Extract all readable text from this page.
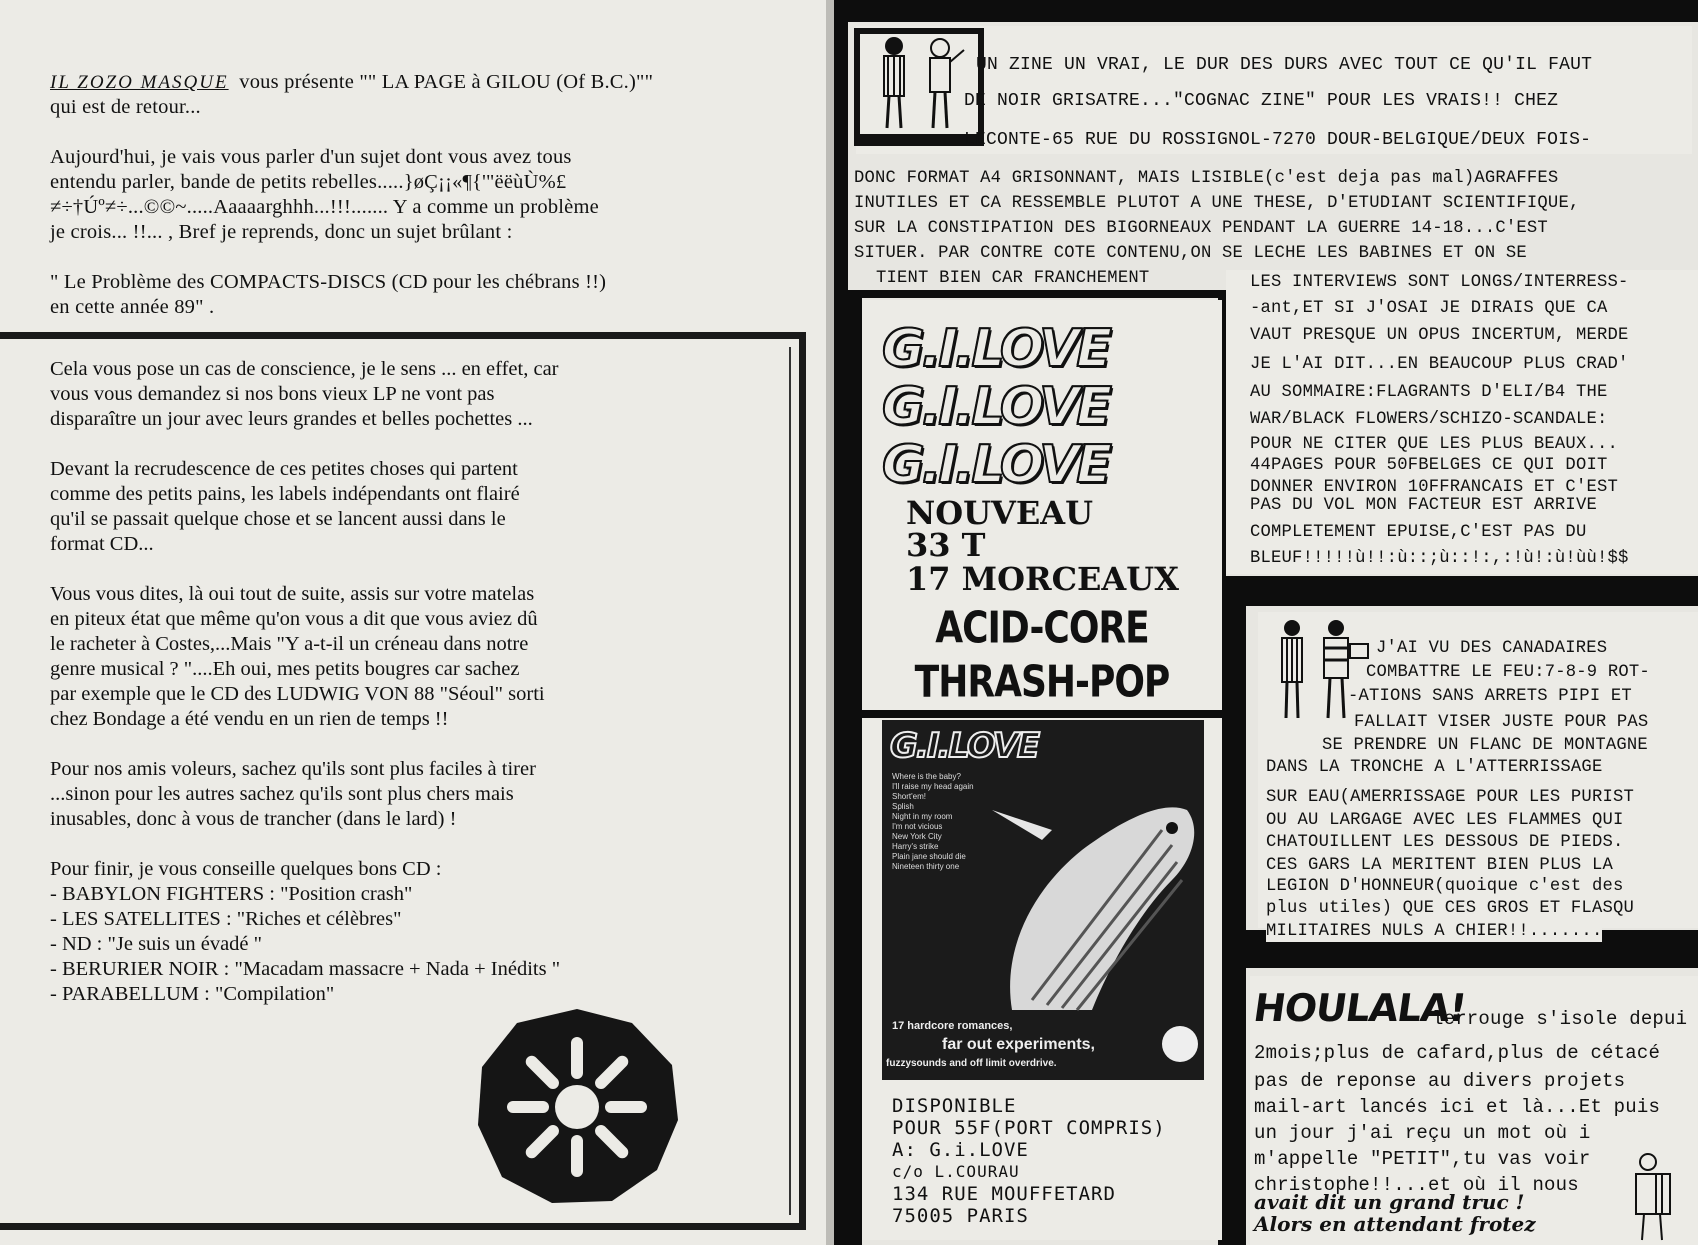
IL ZOZO MASQUE vous présente "" LA PAGE à GILOU (Of B.C.)""

qui est de retour...

Aujourd'hui, je vais vous parler d'un sujet dont vous avez tous

entendu parler, bande de petits rebelles.....}øÇ¡¡«¶{'"ëëùÙ%£

≠÷†Úº≠÷...©©~.....Aaaaarghhh...!!!....... Y a comme un problème

je crois... !!... , Bref je reprends, donc un sujet brûlant :

" Le Problème des COMPACTS-DISCS (CD pour les chébrans !!)

en cette année 89" .

Cela vous pose un cas de conscience, je le sens ... en effet, car
vous vous demandez si nos bons vieux LP ne vont pas
disparaître un jour avec leurs grandes et belles pochettes ...

Devant la recrudescence de ces petites choses qui partent
comme des petits pains, les labels indépendants ont flairé
qu'il se passait quelque chose et se lancent aussi dans le
format CD...

Vous vous dites, là oui tout de suite, assis sur votre matelas
en piteux état que même qu'on vous a dit que vous aviez dû
le racheter à Costes,...Mais "Y a-t-il un créneau dans notre
genre musical ? "....Eh oui, mes petits bougres car sachez
par exemple que le CD des LUDWIG VON 88 "Séoul" sorti
chez Bondage a été vendu en un rien de temps !!

Pour nos amis voleurs, sachez qu'ils sont plus faciles à tirer
...sinon pour les autres sachez qu'ils sont plus chers mais
inusables, donc à vous de trancher (dans le lard) !

Pour finir, je vous conseille quelques bons CD :
- BABYLON FIGHTERS : "Position crash"
- LES SATELLITES : "Riches et célèbres"
- ND : "Je suis un évadé "
- BERURIER NOIR : "Macadam massacre + Nada + Inédits "
- PARABELLUM : "Compilation"
UN ZINE UN VRAI, LE DUR DES DURS AVEC TOUT CE QU'IL FAUT
DE NOIR GRISATRE..."COGNAC ZINE" POUR LES VRAIS!! CHEZ
LECONTE-65 RUE DU ROSSIGNOL-7270 DOUR-BELGIQUE/DEUX FOIS-
DONC FORMAT A4 GRISONNANT, MAIS LISIBLE(c'est deja pas mal)AGRAFFES
INUTILES ET CA RESSEMBLE PLUTOT A UNE THESE, D'ETUDIANT SCIENTIFIQUE,
SUR LA CONSTIPATION DES BIGORNEAUX PENDANT LA GUERRE 14-18...C'EST
SITUER. PAR CONTRE COTE CONTENU,ON SE LECHE LES BABINES ET ON SE
TIENT BIEN CAR FRANCHEMENT	LES INTERVIEWS SONT LONGS/INTERRESS-
-ant,ET SI J'OSAI JE DIRAIS QUE CA
VAUT PRESQUE UN OPUS INCERTUM, MERDE
JE L'AI DIT...EN BEAUCOUP PLUS CRAD'
AU SOMMAIRE:FLAGRANTS D'ELI/B4 THE
WAR/BLACK FLOWERS/SCHIZO-SCANDALE:
POUR NE CITER QUE LES PLUS BEAUX...
44PAGES POUR 50FBELGES CE QUI DOIT
DONNER ENVIRON 10FFRANCAIS ET C'EST
PAS DU VOL MON FACTEUR EST ARRIVE
COMPLETEMENT EPUISE,C'EST PAS DU
BLEUF!!!!!ù!!:ù::;ù::!:,:!ù!:ù!ùù!$$
G.I.LOVE
G.I.LOVE
G.I.LOVE
NOUVEAU
33 T
17 MORCEAUX
ACID-CORE
THRASH-POP
G.I.LOVE
Where is the baby?
I'll raise my head again
Short'em!
Splish
Night in my room
I'm not vicious
New York City
Harry's strike
Plain jane should die
Nineteen thirty one
17 hardcore romances,
far out experiments,
fuzzysounds and off limit overdrive.
DISPONIBLE
POUR 55F(PORT COMPRIS)
A: G.i.LOVE
c/o L.COURAU
134 RUE MOUFFETARD
75005 PARIS
J'AI VU DES CANADAIRES
COMBATTRE LE FEU:7-8-9 ROT-
-ATIONS SANS ARRETS PIPI ET
FALLAIT VISER JUSTE POUR PAS
SE PRENDRE UN FLANC DE MONTAGNE
DANS LA TRONCHE A L'ATTERRISSAGE
SUR EAU(AMERRISSAGE POUR LES PURIST
OU AU LARGAGE AVEC LES FLAMMES QUI
CHATOUILLENT LES DESSOUS DE PIEDS.
CES GARS LA MERITENT BIEN PLUS LA
LEGION D'HONNEUR(quoique c'est des
plus utiles) QUE CES GROS ET FLASQU
MILITAIRES NULS A CHIER!!.......
HOULALA!
lerrouge s'isole depui
2mois;plus de cafard,plus de cétacé
pas de reponse au divers projets
mail-art lancés ici et là...Et puis
un jour j'ai reçu un mot où i
m'appelle "PETIT",tu vas voir
christophe!!...et où il nous
avait dit un grand truc !
Alors en attendant frotez
